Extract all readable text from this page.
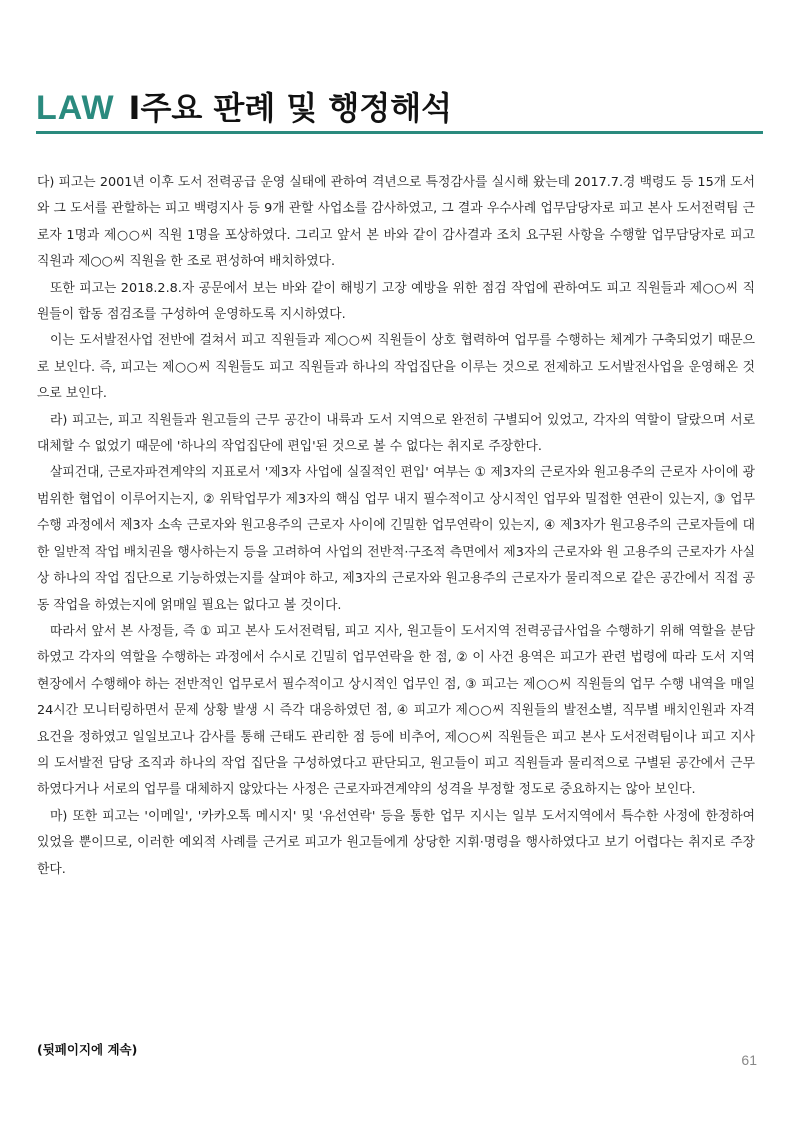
LAW Ⅰ주요 판례 및 행정해석

다) 피고는 2001년 이후 도서 전력공급 운영 실태에 관하여 격년으로 특정감사를 실시해 왔는데 2017.7.경 백령도 등 15개 도서와 그 도서를 관할하는 피고 백령지사 등 9개 관할 사업소를 감사하였고, 그 결과 우수사례 업무담당자로 피고 본사 도서전력팀 근로자 1명과 제○○씨 직원 1명을 포상하였다. 그리고 앞서 본 바와 같이 감사결과 조치 요구된 사항을 수행할 업무담당자로 피고 직원과 제○○씨 직원을 한 조로 편성하여 배치하였다.

또한 피고는 2018.2.8.자 공문에서 보는 바와 같이 해빙기 고장 예방을 위한 점검 작업에 관하여도 피고 직원들과 제○○씨 직원들이 합동 점검조를 구성하여 운영하도록 지시하였다.

이는 도서발전사업 전반에 걸쳐서 피고 직원들과 제○○씨 직원들이 상호 협력하여 업무를 수행하는 체계가 구축되었기 때문으로 보인다. 즉, 피고는 제○○씨 직원들도 피고 직원들과 하나의 작업집단을 이루는 것으로 전제하고 도서발전사업을 운영해온 것으로 보인다.

라) 피고는, 피고 직원들과 원고들의 근무 공간이 내륙과 도서 지역으로 완전히 구별되어 있었고, 각자의 역할이 달랐으며 서로 대체할 수 없었기 때문에 '하나의 작업집단에 편입'된 것으로 볼 수 없다는 취지로 주장한다.

살피건대, 근로자파견계약의 지표로서 '제3자 사업에 실질적인 편입' 여부는 ① 제3자의 근로자와 원고용주의 근로자 사이에 광범위한 협업이 이루어지는지, ② 위탁업무가 제3자의 핵심 업무 내지 필수적이고 상시적인 업무와 밀접한 연관이 있는지, ③ 업무 수행 과정에서 제3자 소속 근로자와 원고용주의 근로자 사이에 긴밀한 업무연락이 있는지, ④ 제3자가 원고용주의 근로자들에 대한 일반적 작업 배치권을 행사하는지 등을 고려하여 사업의 전반적·구조적 측면에서 제3자의 근로자와 원 고용주의 근로자가 사실상 하나의 작업 집단으로 기능하였는지를 살펴야 하고, 제3자의 근로자와 원고용주의 근로자가 물리적으로 같은 공간에서 직접 공동 작업을 하였는지에 얽매일 필요는 없다고 볼 것이다.

따라서 앞서 본 사정들, 즉 ① 피고 본사 도서전력팀, 피고 지사, 원고들이 도서지역 전력공급사업을 수행하기 위해 역할을 분담하였고 각자의 역할을 수행하는 과정에서 수시로 긴밀히 업무연락을 한 점, ② 이 사건 용역은 피고가 관련 법령에 따라 도서 지역 현장에서 수행해야 하는 전반적인 업무로서 필수적이고 상시적인 업무인 점, ③ 피고는 제○○씨 직원들의 업무 수행 내역을 매일 24시간 모니터링하면서 문제 상황 발생 시 즉각 대응하였던 점, ④ 피고가 제○○씨 직원들의 발전소별, 직무별 배치인원과 자격 요건을 정하였고 일일보고나 감사를 통해 근태도 관리한 점 등에 비추어, 제○○씨 직원들은 피고 본사 도서전력팀이나 피고 지사의 도서발전 담당 조직과 하나의 작업 집단을 구성하였다고 판단되고, 원고들이 피고 직원들과 물리적으로 구별된 공간에서 근무하였다거나 서로의 업무를 대체하지 않았다는 사정은 근로자파견계약의 성격을 부정할 정도로 중요하지는 않아 보인다.

마) 또한 피고는 '이메일', '카카오톡 메시지' 및 '유선연락' 등을 통한 업무 지시는 일부 도서지역에서 특수한 사정에 한정하여 있었을 뿐이므로, 이러한 예외적 사례를 근거로 피고가 원고들에게 상당한 지휘·명령을 행사하였다고 보기 어렵다는 취지로 주장한다.

(뒷페이지에 계속)
61
